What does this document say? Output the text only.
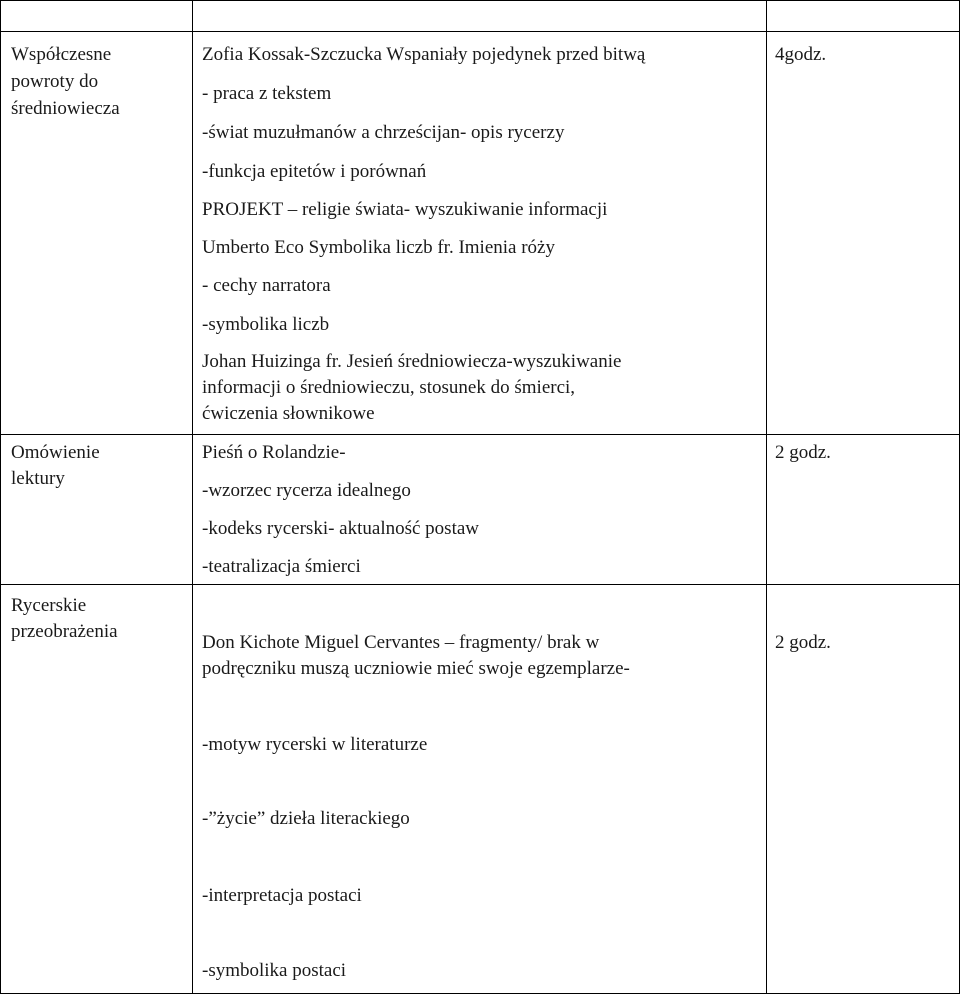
Współczesne
powroty do
średniowiecza
Zofia Kossak-Szczucka Wspaniały pojedynek przed bitwą
- praca z tekstem
-świat muzułmanów a chrześcijan- opis rycerzy
-funkcja epitetów i porównań
PROJEKT – religie świata- wyszukiwanie informacji
Umberto Eco Symbolika liczb fr. Imienia róży
- cechy narratora
-symbolika liczb
Johan Huizinga fr. Jesień średniowiecza-wyszukiwanie
informacji o średniowieczu, stosunek do śmierci,
ćwiczenia słownikowe
4godz.
Omówienie
lektury
Pieśń o Rolandzie-
-wzorzec rycerza idealnego
-kodeks rycerski- aktualność postaw
-teatralizacja śmierci
2 godz.
Rycerskie
przeobrażenia
Don Kichote Miguel Cervantes – fragmenty/ brak w
podręczniku muszą uczniowie mieć swoje egzemplarze-
-motyw rycerski w literaturze
-”życie” dzieła literackiego
-interpretacja postaci
-symbolika postaci
2 godz.
